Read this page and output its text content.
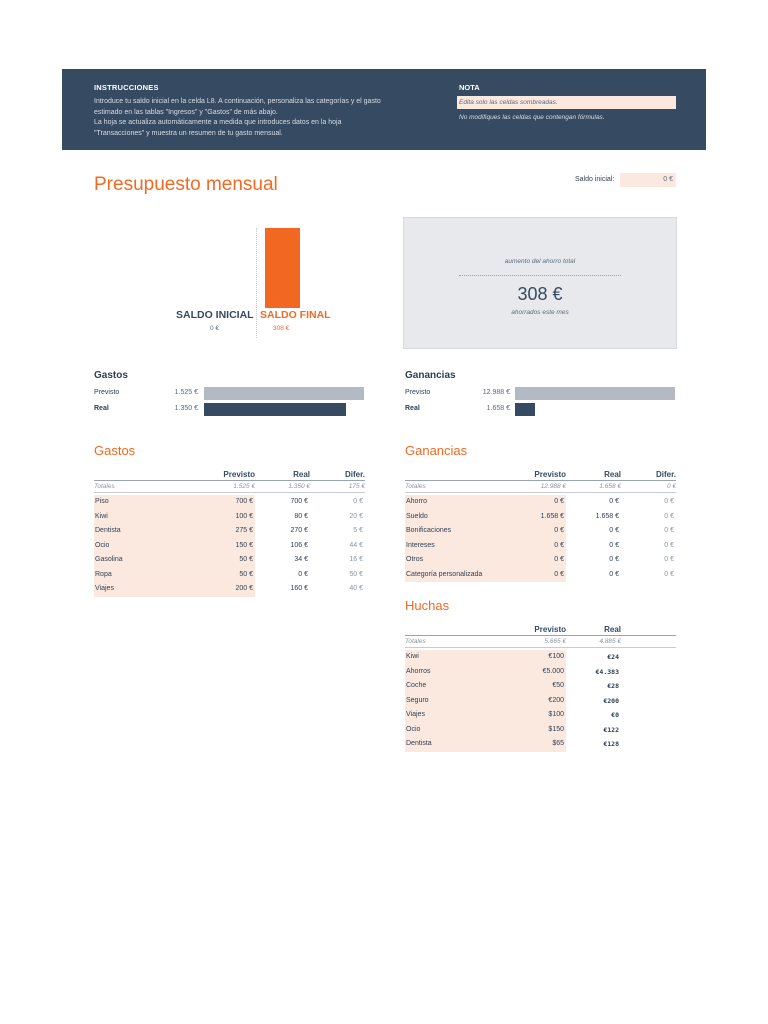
INSTRUCCIONES
Introduce tu saldo inicial en la celda L8. A continuación, personaliza las categorías y el gasto
estimado en las tablas "Ingresos" y "Gastos" de más abajo.
La hoja se actualiza automáticamente a medida que introduces datos en la hoja
"Transacciones" y muestra un resumen de tu gasto mensual.
NOTA
Edita solo las celdas sombreadas.
No modifiques las celdas que contengan fórmulas.
Presupuesto mensual	Saldo inicial:	0 €
SALDO INICIAL SALDO FINAL
0 €	308 €
aumento del ahorro total
308 €
ahorrados este mes
Gastos
Previsto	1.525 €
Real	1.350 €
Ganancias
Previsto	12.988 €
Real	1.658 €
Gastos
Previsto	Real	Difer.
Totales	1.525 €	1.350 €	175 €
Piso	700 €	700 €	0 €
Kiwi	100 €	80 €	20 €
Dentista	275 €	270 €	5 €
Ocio	150 €	106 €	44 €
Gasolina	50 €	34 €	16 €
Ropa	50 €	0 €	50 €
Viajes	200 €	160 €	40 €
Ganancias
Previsto	Real	Difer.
Totales	12.988 €	1.658 €	0 €
Ahorro	0 €	0 €	0 €
Sueldo	1.658 €	1.658 €	0 €
Bonificaciones	0 €	0 €	0 €
Intereses	0 €	0 €	0 €
Otros	0 €	0 €	0 €
Categoría personalizada	0 €	0 €	0 €
Huchas
Previsto	Real
Totales	5.665 €	4.885 €
Kiwi	€100	€24
Ahorros	€5.000	€4.383
Coche	€50	€28
Seguro	€200	€200
Viajes	$100	€0
Ocio	$150	€122
Dentista	$65	€128
